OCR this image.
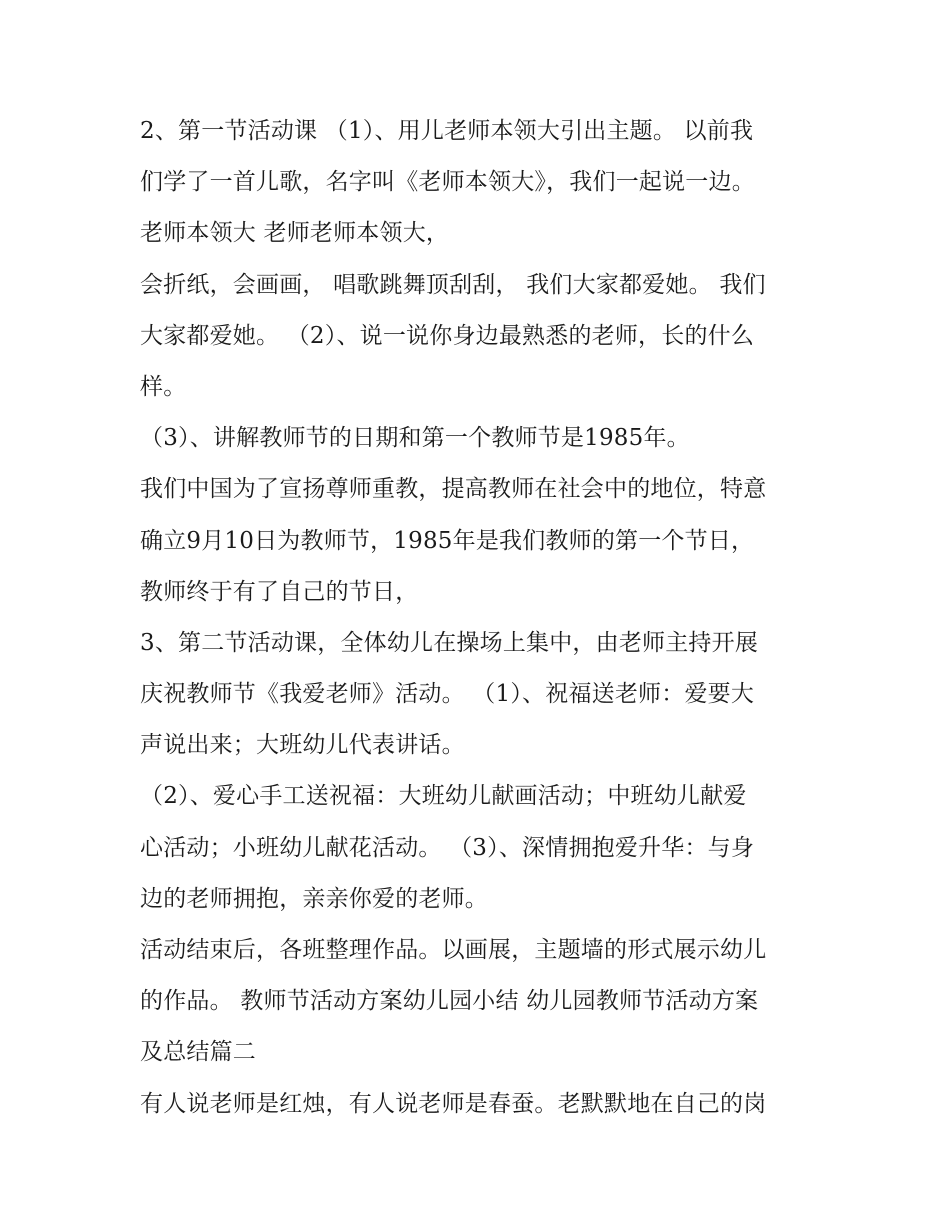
2、第一节活动课 （1）、用儿老师本领大引出主题。 以前我
们学了一首儿歌，名字叫《老师本领大》，我们一起说一边。
老师本领大 老师老师本领大，
会折纸，会画画， 唱歌跳舞顶刮刮， 我们大家都爱她。 我们
大家都爱她。 （2）、说一说你身边最熟悉的老师，长的什么
样。
（3）、讲解教师节的日期和第一个教师节是1985年。
我们中国为了宣扬尊师重教，提高教师在社会中的地位，特意
确立9月10日为教师节，1985年是我们教师的第一个节日，
教师终于有了自己的节日，
3、第二节活动课，全体幼儿在操场上集中，由老师主持开展
庆祝教师节《我爱老师》活动。 （1）、祝福送老师：爱要大
声说出来；大班幼儿代表讲话。
（2）、爱心手工送祝福：大班幼儿献画活动；中班幼儿献爱
心活动；小班幼儿献花活动。 （3）、深情拥抱爱升华：与身
边的老师拥抱，亲亲你爱的老师。
活动结束后，各班整理作品。以画展，主题墙的形式展示幼儿
的作品。 教师节活动方案幼儿园小结 幼儿园教师节活动方案
及总结篇二
有人说老师是红烛，有人说老师是春蚕。老默默地在自己的岗
